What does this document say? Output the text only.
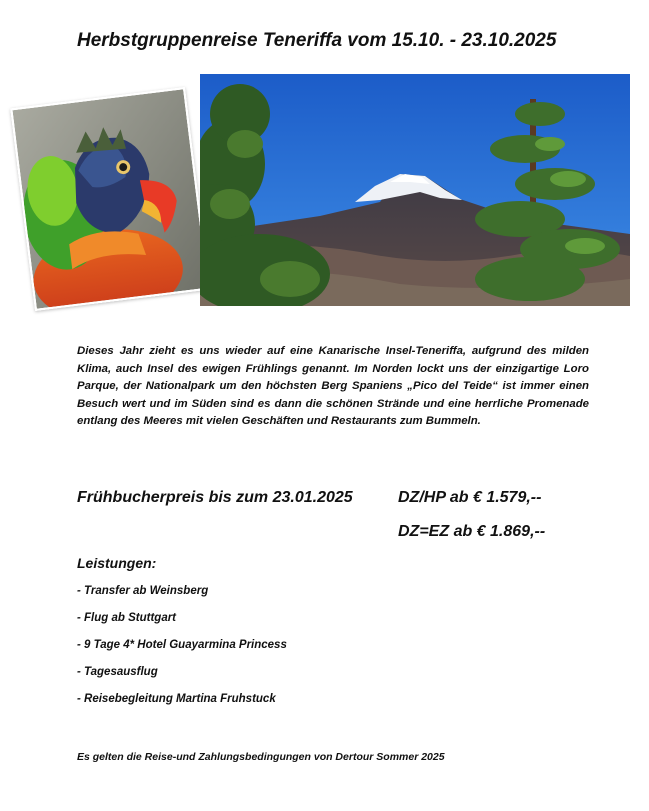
Herbstgruppenreise Teneriffa vom 15.10. - 23.10.2025

Dieses Jahr zieht es uns wieder auf eine Kanarische Insel-Teneriffa, aufgrund des milden Klima, auch Insel des ewigen Frühlings genannt. Im Norden lockt uns der einzigartige Loro Parque, der Nationalpark um den höchsten Berg Spaniens „Pico del Teide“ ist immer einen Besuch wert und im Süden sind es dann die schönen Strände und eine herrliche Promenade entlang des Meeres mit vielen Geschäften und Restaurants zum Bummeln.

Frühbucherpreis bis zum 23.01.2025	DZ/HP ab € 1.579,--
DZ=EZ ab € 1.869,--
Leistungen:
- Transfer ab Weinsberg
- Flug ab Stuttgart
- 9 Tage 4* Hotel Guayarmina Princess
- Tagesausflug
- Reisebegleitung Martina Fruhstuck
Es gelten die Reise-und Zahlungsbedingungen von Dertour Sommer 2025
